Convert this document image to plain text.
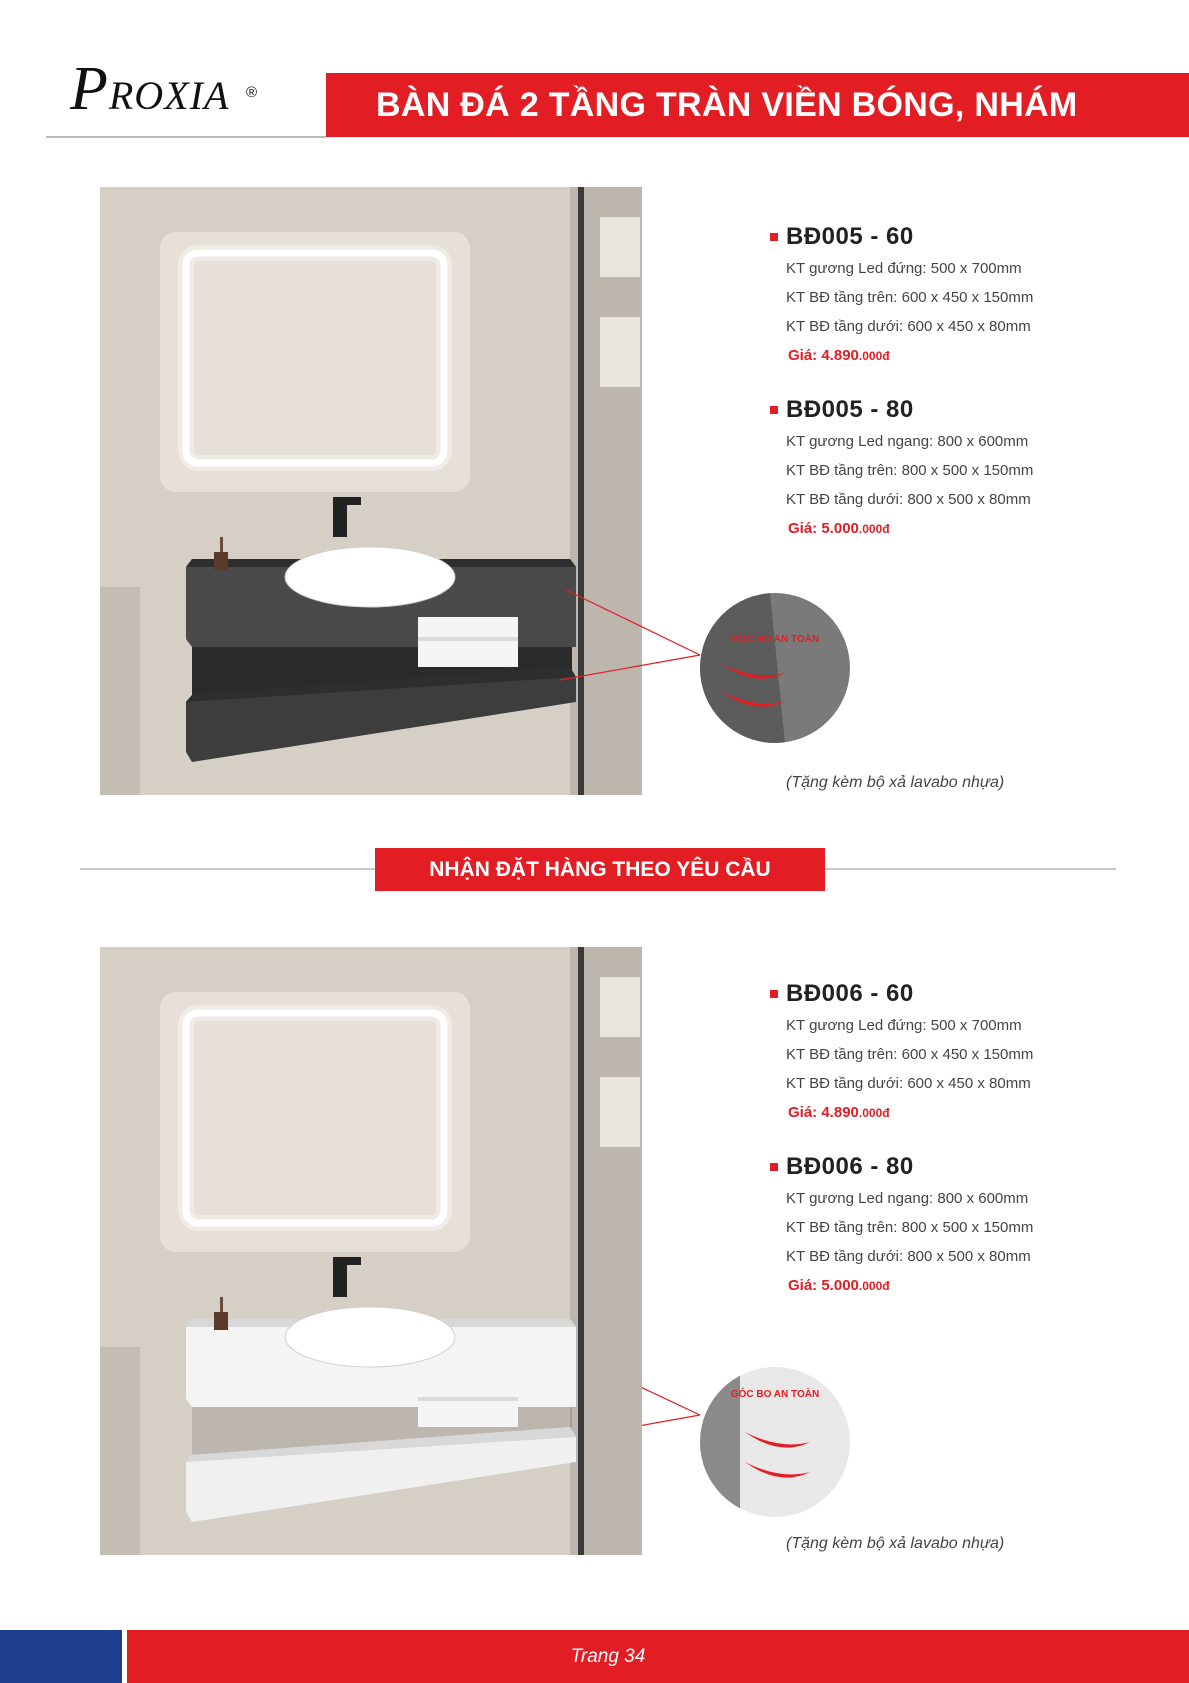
PROXIA ®	BÀN ĐÁ 2 TẦNG TRÀN VIỀN BÓNG, NHÁM
BĐ005 - 60
KT gương Led đứng: 500 x 700mm
KT BĐ tầng trên: 600 x 450 x 150mm
KT BĐ tầng dưới: 600 x 450 x 80mm
Giá: 4.890.000đ
BĐ005 - 80
KT gương Led ngang: 800 x 600mm
KT BĐ tầng trên: 800 x 500 x 150mm
KT BĐ tầng dưới: 800 x 500 x 80mm
Giá: 5.000.000đ
GÓC BO AN TOÀN
(Tặng kèm bộ xả lavabo nhựa)
NHẬN ĐẶT HÀNG THEO YÊU CẦU
BĐ006 - 60
KT gương Led đứng: 500 x 700mm
KT BĐ tầng trên: 600 x 450 x 150mm
KT BĐ tầng dưới: 600 x 450 x 80mm
Giá: 4.890.000đ
BĐ006 - 80
KT gương Led ngang: 800 x 600mm
KT BĐ tầng trên: 800 x 500 x 150mm
KT BĐ tầng dưới: 800 x 500 x 80mm
Giá: 5.000.000đ
GÓC BO AN TOÀN
(Tặng kèm bộ xả lavabo nhựa)
Trang 34
